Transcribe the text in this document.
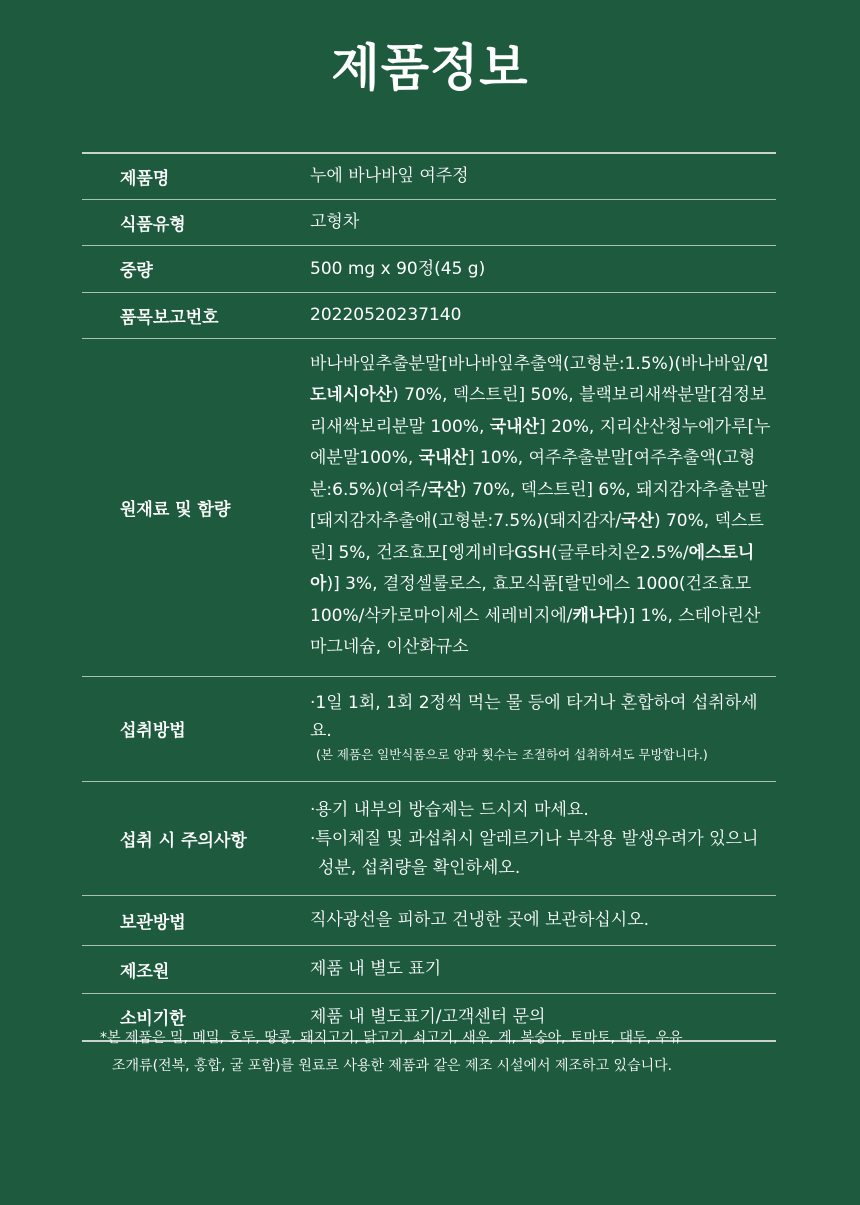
제품정보
제품명	누에 바나바잎 여주정
식품유형	고형차
중량	500 mg x 90정(45 g)
품목보고번호	20220520237140
원재료 및 함량	바나바잎추출분말[바나바잎추출액(고형분:1.5%)(바나바잎/인도네시아산) 70%, 덱스트린] 50%, 블랙보리새싹분말[검정보리새싹보리분말 100%, 국내산] 20%, 지리산산청누에가루[누에분말100%, 국내산] 10%, 여주추출분말[여주추출액(고형분:6.5%)(여주/국산) 70%, 덱스트린] 6%, 돼지감자추출분말[돼지감자추출애(고형분:7.5%)(돼지감자/국산) 70%, 덱스트린] 5%, 건조효모[엥게비타GSH(글루타치온2.5%/에스토니아)] 3%, 결정셀룰로스, 효모식품[랄민에스 1000(건조효모 100%/삭카로마이세스 세레비지에/캐나다)] 1%, 스테아린산마그네슘, 이산화규소
섭취방법	·1일 1회, 1회 2정씩 먹는 물 등에 타거나 혼합하여 섭취하세요.
(본 제품은 일반식품으로 양과 횟수는 조절하여 섭취하셔도 무방합니다.)

섭취 시 주의사항	·용기 내부의 방습제는 드시지 마세요.
·특이체질 및 과섭취시 알레르기나 부작용 발생우려가 있으니
성분, 섭취량을 확인하세오.

보관방법	직사광선을 피하고 건냉한 곳에 보관하십시오.
제조원	제품 내 별도 표기
소비기한	제품 내 별도표기/고객센터 문의
*본 제품은 밀, 메밀, 호두, 땅콩, 돼지고기, 닭고기, 쇠고기, 새우, 게, 복숭아, 토마토, 대두, 우유
조개류(전복, 홍합, 굴 포함)를 원료로 사용한 제품과 같은 제조 시설에서 제조하고 있습니다.
